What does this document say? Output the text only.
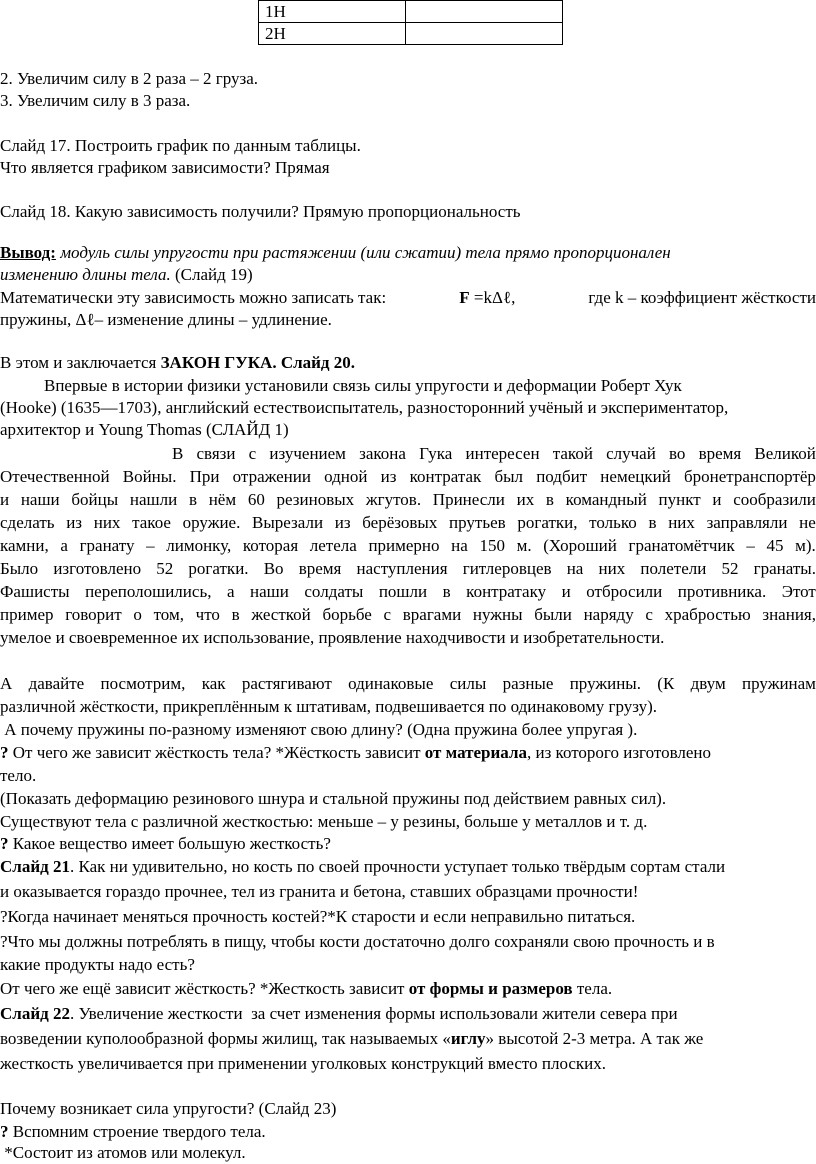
1Н	
2Н	
2. Увеличим силу в 2 раза – 2 груза.
3. Увеличим силу в 3 раза.
Слайд 17. Построить график по данным таблицы.
Что является графиком зависимости? Прямая
Слайд 18. Какую зависимость получили? Прямую пропорциональность
Вывод: модуль силы упругости при растяжении (или сжатии) тела прямо пропорционален
изменению длины тела. (Слайд 19)
Математически эту зависимость можно записать так:	F =kΔℓ,	где k – коэффициент жёсткости
пружины, Δℓ– изменение длины – удлинение.
В этом и заключается ЗАКОН ГУКА. Слайд 20.
Впервые в истории физики установили связь силы упругости и деформации Роберт Хук
(Hooke) (1635—1703), английский естествоиспытатель, разносторонний учёный и экспериментатор,
архитектор и Young Thomas (СЛАЙД 1)
В связи с изучением закона Гука интересен такой случай во время Великой
Отечественной Войны. При отражении одной из контратак был подбит немецкий бронетранспортёр
и наши бойцы нашли в нём 60 резиновых жгутов. Принесли их в командный пункт и сообразили
сделать из них такое оружие. Вырезали из берёзовых прутьев рогатки, только в них заправляли не
камни, а гранату – лимонку, которая летела примерно на 150 м. (Хороший гранатомётчик – 45 м).
Было изготовлено 52 рогатки. Во время наступления гитлеровцев на них полетели 52 гранаты.
Фашисты переполошились, а наши солдаты пошли в контратаку и отбросили противника. Этот
пример говорит о том, что в жесткой борьбе с врагами нужны были наряду с храбростью знания,
умелое и своевременное их использование, проявление находчивости и изобретательности.
А давайте посмотрим, как растягивают одинаковые силы разные пружины. (К двум пружинам
различной жёсткости, прикреплённым к штативам, подвешивается по одинаковому грузу).
А почему пружины по-разному изменяют свою длину? (Одна пружина более упругая ).
? От чего же зависит жёсткость тела? *Жёсткость зависит от материала, из которого изготовлено
тело.
(Показать деформацию резинового шнура и стальной пружины под действием равных сил).
Существуют тела с различной жесткостью: меньше – у резины, больше у металлов и т. д.
? Какое вещество имеет большую жесткость?
Слайд 21. Как ни удивительно, но кость по своей прочности уступает только твёрдым сортам стали
и оказывается гораздо прочнее, тел из гранита и бетона, ставших образцами прочности!
?Когда начинает меняться прочность костей?*К старости и если неправильно питаться.
?Что мы должны потреблять в пищу, чтобы кости достаточно долго сохраняли свою прочность и в
какие продукты надо есть?
От чего же ещё зависит жёсткость? *Жесткость зависит от формы и размеров тела.
Слайд 22. Увеличение жесткости  за счет изменения формы использовали жители севера при
возведении куполообразной формы жилищ, так называемых «иглу» высотой 2-3 метра. А так же
жесткость увеличивается при применении уголковых конструкций вместо плоских.
Почему возникает сила упругости? (Слайд 23)
? Вспомним строение твердого тела.
*Состоит из атомов или молекул.
